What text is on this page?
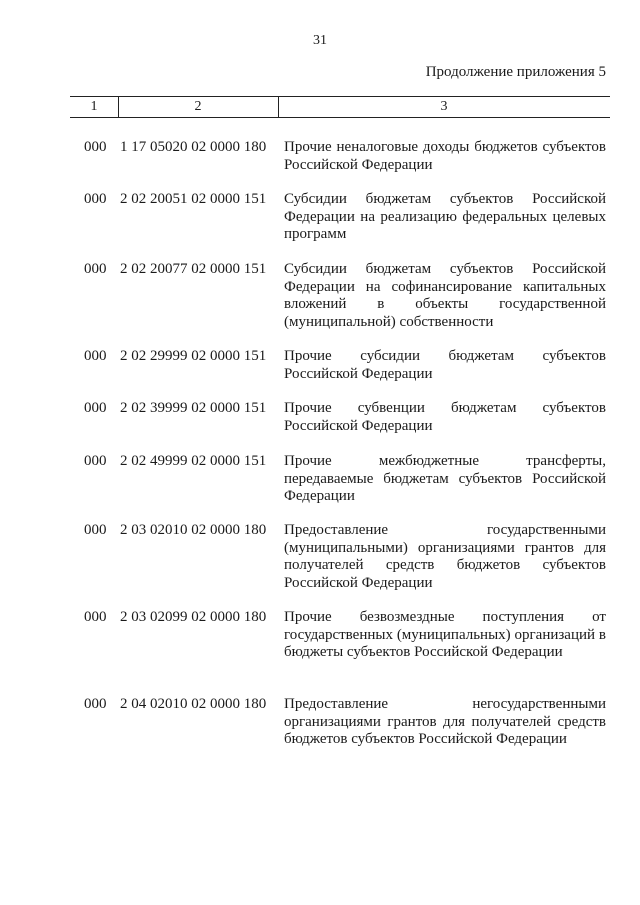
31
Продолжение приложения 5
1	2	3
000 1 17 05020 02 0000 180 Прочие неналоговые доходы бюджетов субъектов Российской Федерации
000 2 02 20051 02 0000 151 Субсидии бюджетам субъектов Российской Федерации на реализацию федеральных целевых программ
000 2 02 20077 02 0000 151 Субсидии бюджетам субъектов Российской Федерации на софинансирование капитальных вложений в объекты государственной (муниципальной) собственности
000 2 02 29999 02 0000 151 Прочие субсидии бюджетам субъектов Российской Федерации
000 2 02 39999 02 0000 151 Прочие субвенции бюджетам субъектов Российской Федерации
000 2 02 49999 02 0000 151 Прочие межбюджетные трансферты, передаваемые бюджетам субъектов Российской Федерации
000 2 03 02010 02 0000 180 Предоставление государственными (муниципальными) организациями грантов для получателей средств бюджетов субъектов Российской Федерации
000 2 03 02099 02 0000 180 Прочие безвозмездные поступления от государственных (муниципальных) организаций в бюджеты субъектов Российской Федерации
000 2 04 02010 02 0000 180 Предоставление негосударственными организациями грантов для получателей средств бюджетов субъектов Российской Федерации
